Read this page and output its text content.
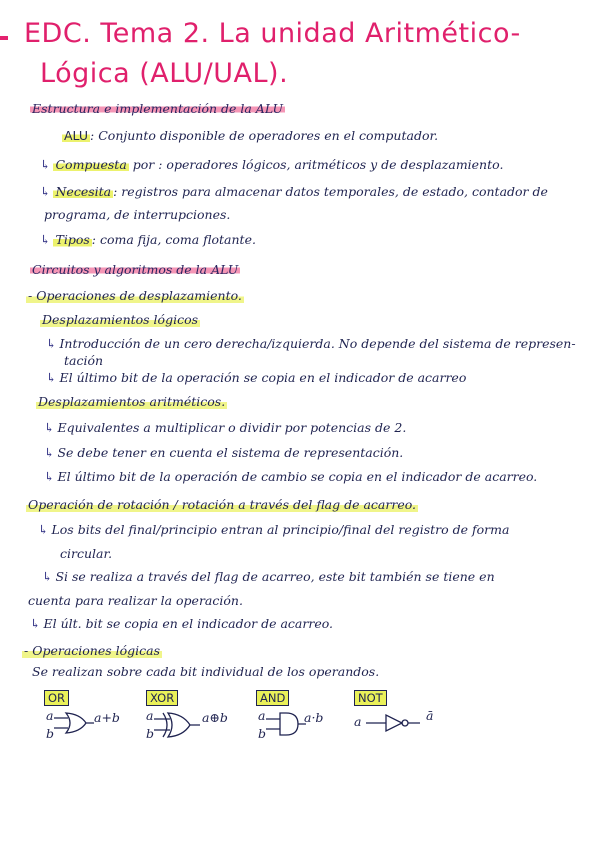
EDC. Tema 2. La unidad Aritmético-
Lógica (ALU/UAL).
Estructura e implementación de la ALU
ALU : Conjunto disponible de operadores en el computador.
↳ Compuesta por : operadores lógicos, aritméticos y de desplazamiento.
↳ Necesita : registros para almacenar datos temporales, de estado, contador de
programa, de interrupciones.
↳ Tipos : coma fija, coma flotante.
Circuitos y algoritmos de la ALU
- Operaciones de desplazamiento.
Desplazamientos lógicos
↳ Introducción de un cero derecha/izquierda. No depende del sistema de represen-
tación
↳ El último bit de la operación se copia en el indicador de acarreo
Desplazamientos aritméticos.
↳ Equivalentes a multiplicar o dividir por potencias de 2.
↳ Se debe tener en cuenta el sistema de representación.
↳ El último bit de la operación de cambio se copia en el indicador de acarreo.
Operación de rotación / rotación a través del flag de acarreo.
↳ Los bits del final/principio entran al principio/final del registro de forma
circular.
↳ Si se realiza a través del flag de acarreo, este bit también se tiene en
cuenta para realizar la operación.
↳ El últ. bit se copia en el indicador de acarreo.
- Operaciones lógicas
Se realizan sobre cada bit individual de los operandos.
OR
a
b
a+b
XOR
a
b
a⊕b
AND
a
b
a·b
NOT
a	ā
